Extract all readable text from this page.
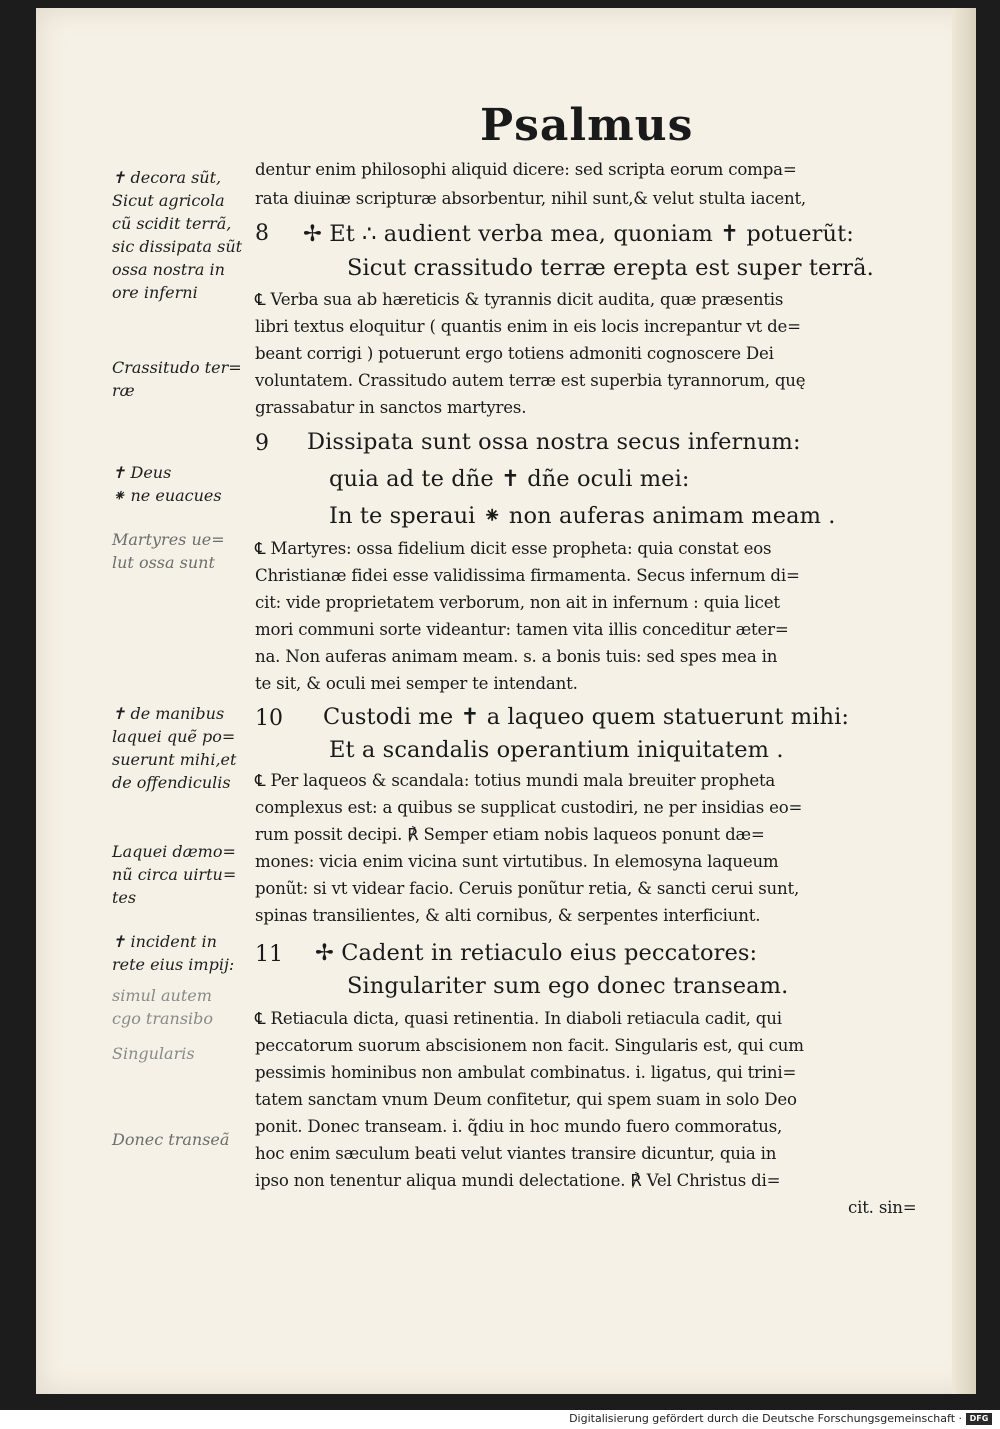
Psalmus
✝ decora sũt,
Sicut agricola
cũ scidit terrã,
sic dissipata sũt
ossa nostra in
ore inferni
Crassitudo ter=
ræ
✝ Deus
⁕ ne euacues
Martyres ue=
lut ossa sunt
✝ de manibus
laquei quẽ po=
suerunt mihi,et
de offendiculis
Laquei dæmo=
nũ circa uirtu=
tes
✝ incident in
rete eius impij:
simul autem
cgo transibo
Singularis
Donec transeã
dentur enim philosophi aliquid dicere: sed scripta eorum compa=
rata diuinæ scripturæ absorbentur, nihil sunt,& velut stulta iacent,
8 ✢ Et ∴ audient verba mea, quoniam ✝ potuerũt:
Sicut crassitudo terræ erepta est super terrã.
℄ Verba sua ab hæreticis & tyrannis dicit audita, quæ præsentis
libri textus eloquitur ( quantis enim in eis locis increpantur vt de=
beant corrigi ) potuerunt ergo totiens admoniti cognoscere Dei
voluntatem. Crassitudo autem terræ est superbia tyrannorum, quę
grassabatur in sanctos martyres.
9 Dissipata sunt ossa nostra secus infernum:
quia ad te dñe ✝ dñe oculi mei:
In te speraui ⁕ non auferas animam meam .
℄ Martyres: ossa fidelium dicit esse propheta: quia constat eos
Christianæ fidei esse validissima firmamenta. Secus infernum di=
cit: vide proprietatem verborum, non ait in infernum : quia licet
mori communi sorte videantur: tamen vita illis conceditur æter=
na. Non auferas animam meam. s. a bonis tuis: sed spes mea in
te sit, & oculi mei semper te intendant.
10 Custodi me ✝ a laqueo quem statuerunt mihi:
Et a scandalis operantium iniquitatem .
℄ Per laqueos & scandala: totius mundi mala breuiter propheta
complexus est: a quibus se supplicat custodiri, ne per insidias eo=
rum possit decipi. ℟ Semper etiam nobis laqueos ponunt dæ=
mones: vicia enim vicina sunt virtutibus. In elemosyna laqueum
ponũt: si vt videar facio. Ceruis ponũtur retia, & sancti cerui sunt,
spinas transilientes, & alti cornibus, & serpentes interficiunt.
11 ✢ Cadent in retiaculo eius peccatores:
Singulariter sum ego donec transeam.
℄ Retiacula dicta, quasi retinentia. In diaboli retiacula cadit, qui
peccatorum suorum abscisionem non facit. Singularis est, qui cum
pessimis hominibus non ambulat combinatus. i. ligatus, qui trini=
tatem sanctam vnum Deum confitetur, qui spem suam in solo Deo
ponit. Donec transeam. i. q̃diu in hoc mundo fuero commoratus,
hoc enim sæculum beati velut viantes transire dicuntur, quia in
ipso non tenentur aliqua mundi delectatione. ℟ Vel Christus di=
cit. sin=
Digitalisierung gefördert durch die Deutsche Forschungsgemeinschaft · DFG
